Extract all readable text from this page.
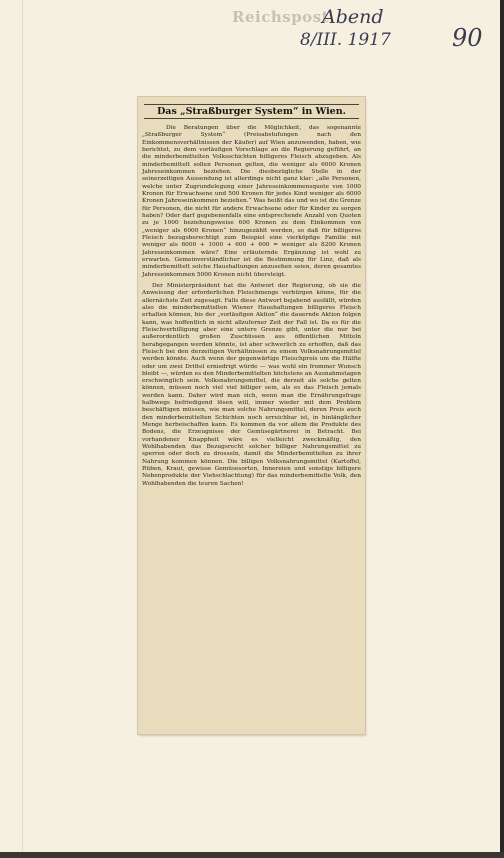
Reichspost
Abend
8/III. 1917	90
Das „Straßburger System“ in Wien.
Die Beratungen über die Möglichkeit, das sogenannte „Straßburger System“ (Preisabstufungen nach den Einkommensverhältnissen der Käufer) auf Wien anzuwenden, haben, wie berichtet, zu dem vorläufigen Vorschlage an die Regierung geführt, an die minderbemittelten Volksschichten billigeres Fleisch abzugeben. Als minderbemittelt sollen Personen gelten, die weniger als 6000 Kronen Jahreseinkommen beziehen. Die diesbezügliche Stelle in der seinerzeitigen Aussendung ist allerdings nicht ganz klar: „alle Personen, welche unter Zugrundelegung einer Jahreseinkommensquote von 1000 Kronen für Erwachsene und 500 Kronen für jedes Kind weniger als 6000 Kronen Jahreseinkommen beziehen.“ Was heißt das und wo ist die Grenze für Personen, die nicht für andere Erwachsene oder für Kinder zu sorgen haben? Oder darf gegebenenfalls eine entsprechende Anzahl von Quoten zu je 1000 beziehungsweise 600 Kronen zu dem Einkommen von „weniger als 6000 Kronen“ hinzugezählt werden, so daß für billigeres Fleisch bezugsberechtigt zum Beispiel eine vierköpfige Familie mit weniger als 6000 + 1000 + 600 + 600 = weniger als 8200 Kronen Jahreseinkommen wäre? Eine erläuternde Ergänzung ist wohl zu erwarten. Gemeinverständlicher ist die Bestimmung für Linz, daß als minderbemittelt solche Haushaltungen anzusehen seien, deren gesamtes Jahreseinkommen 5000 Kronen nicht übersteigt.
Der Ministerpräsident hat die Antwort der Regierung, ob sie die Anweisung der erforderlichen Fleischmenge verbürgen könne, für die allernächste Zeit zugesagt. Falls diese Antwort bejahend ausfällt, würden also die minderbemittelten Wiener Haushaltungen billigeres Fleisch erhalten können, bis der „vorläufigen Aktion“ die dauernde Aktion folgen kann, was hoffentlich in nicht allzuferner Zeit der Fall ist. Da es für die Fleischverbilligung aber eine untere Grenze gibt, unter die nur bei außerordentlich großen Zuschüssen aus öffentlichen Mitteln herabgegangen werden könnte, ist aber schwerlich zu erhoffen, daß das Fleisch bei den derzeitigen Verhältnissen zu einem Volksnahrungsmittel werden könnte. Auch wenn der gegenwärtige Fleischpreis um die Hälfte oder um zwei Drittel erniedrigt würde — was wohl ein frommer Wunsch bleibt —, würden es den Minderbemittelten höchstens an Ausnahmstagen erschwinglich sein. Volksnahrungsmittel, die derzeit als solche gelten können, müssen noch viel viel billiger sein, als es das Fleisch jemals werden kann. Daher wird man sich, wenn man die Ernährungsfrage halbwegs befriedigend lösen will, immer wieder mit dem Problem beschäftigen müssen, wie man solche Nahrungsmittel, deren Preis auch den minderbemittelten Schichten noch erreichbar ist, in hinlänglicher Menge herbeischaffen kann. Es kommen da vor allem die Produkte des Bodens, die Erzeugnisse der Gemüsegärtnerei in Betracht. Bei vorhandener Knappheit wäre es vielleicht zweckmäßig, den Wohlhabenden das Bezugsrecht solcher billiger Nahrungsmittel zu sperren oder doch zu drosseln, damit die Minderbemittelten zu ihrer Nahrung kommen können. Die billigen Volksnahrungsmittel (Kartoffel, Rüben, Kraut, gewisse Gemüsesorten, Innereien und sonstige billigere Nebenprodukte der Viehschlachtung) für das minderbemittelte Volk, den Wohlhabenden die teuren Sachen!
